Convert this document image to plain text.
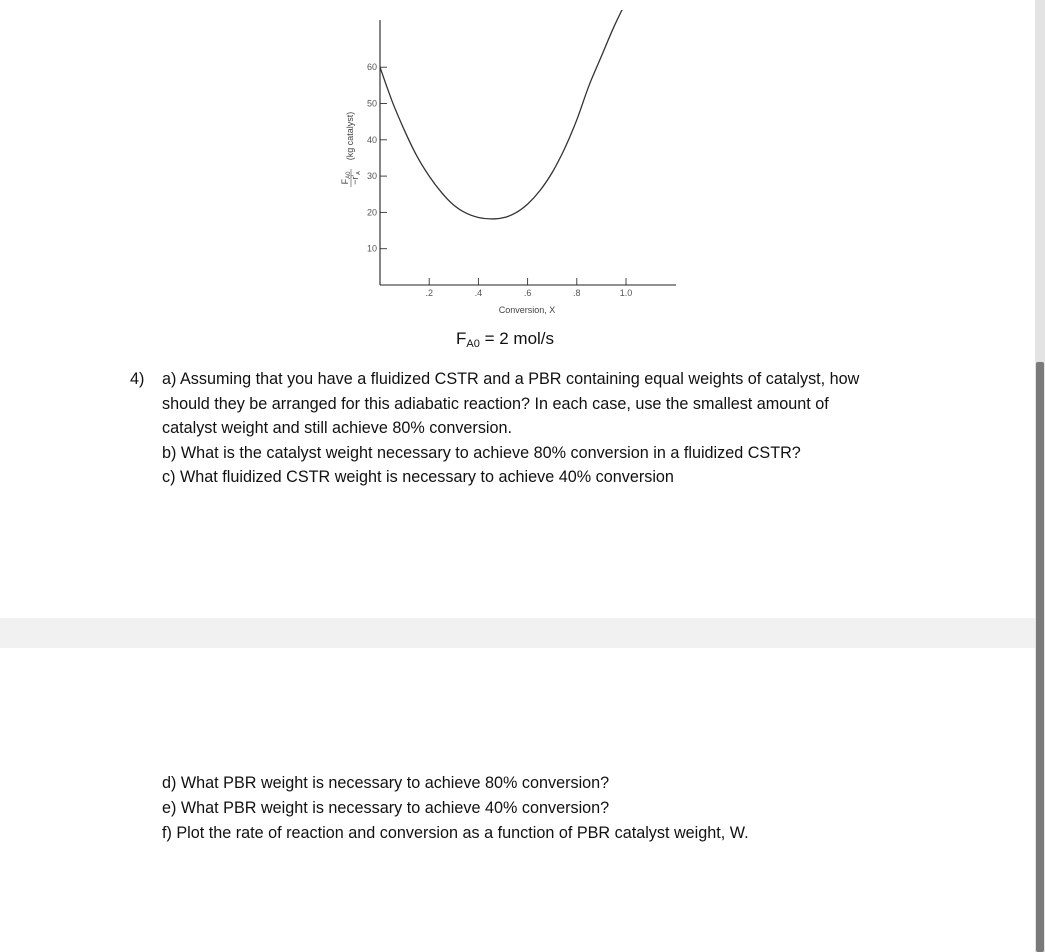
10
20
30
40
50
60
.2	.4	.6	.8	1.0
Conversion, X
$F_{A0}$
$-r'_A$
(kg catalyst)
$F_{A0} = 2$ mol/s
4) a) Assuming that you have a fluidized CSTR and a PBR containing equal weights of catalyst, how
should they be arranged for this adiabatic reaction? In each case, use the smallest amount of
catalyst weight and still achieve 80% conversion.
b) What is the catalyst weight necessary to achieve 80% conversion in a fluidized CSTR?
c) What fluidized CSTR weight is necessary to achieve 40% conversion
d) What PBR weight is necessary to achieve 80% conversion?
e) What PBR weight is necessary to achieve 40% conversion?
f) Plot the rate of reaction and conversion as a function of PBR catalyst weight, W.
